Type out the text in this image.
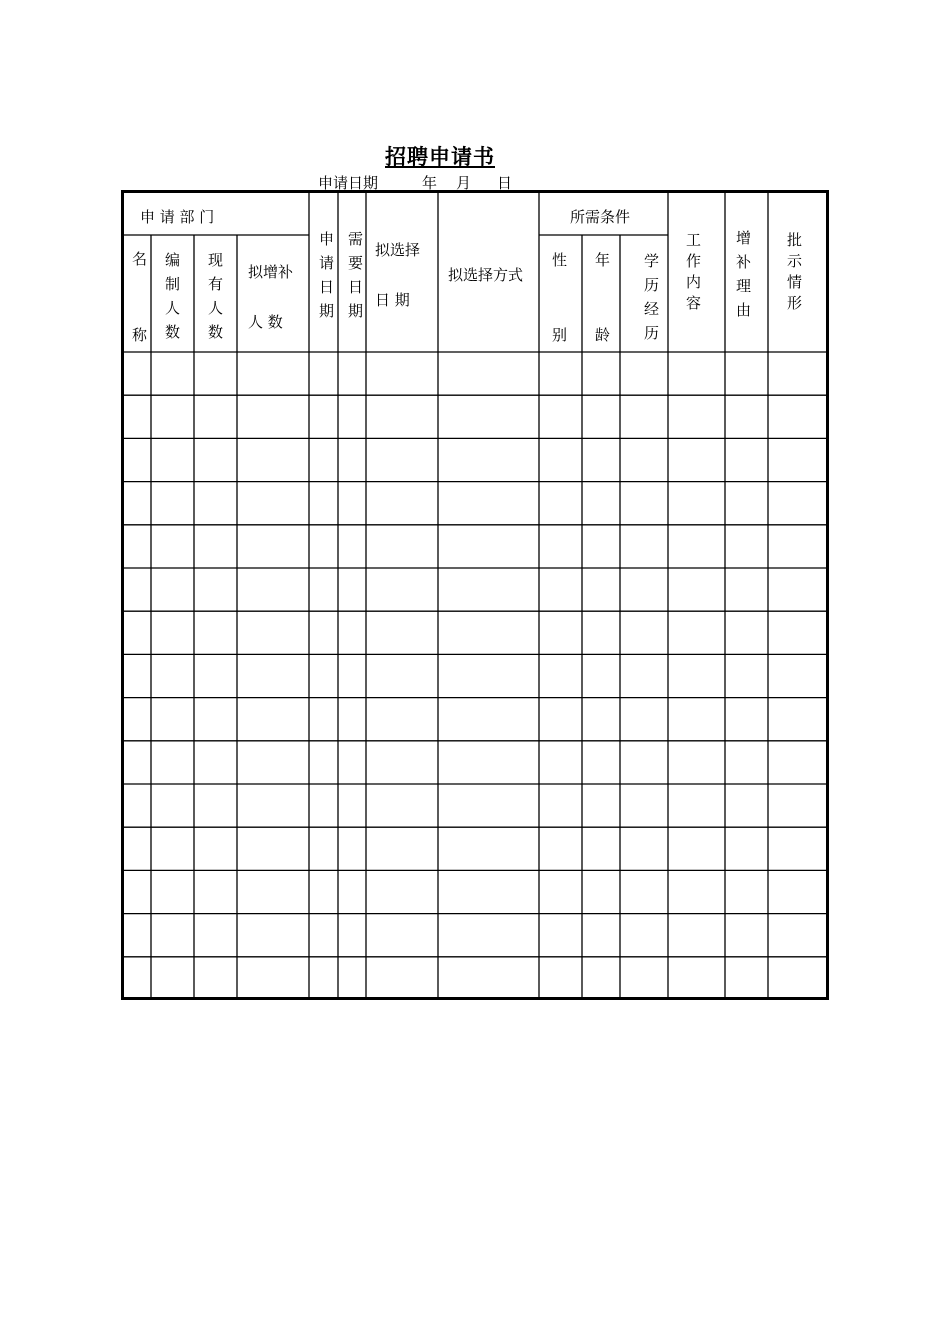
招聘申请书
申请日期	年 月 日
申 请 部 门
名
称 编制人数 现有人数 拟增补
人 数 申请日期 需要日期 拟选择
日 期
拟选择方式
所需条件
性
别
年
龄 学历经历 工作内容 增补理由 批示情形
